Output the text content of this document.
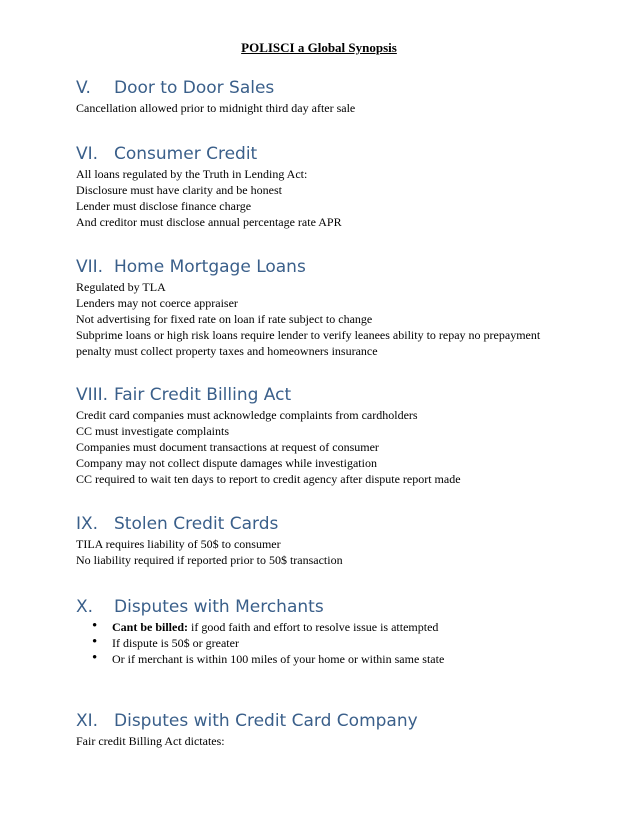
POLISCI a Global Synopsis
V. Door to Door Sales
Cancellation allowed prior to midnight third day after sale
VI. Consumer Credit
All loans regulated by the Truth in Lending Act:
Disclosure must have clarity and be honest
Lender must disclose finance charge
And creditor must disclose annual percentage rate APR
VII. Home Mortgage Loans
Regulated by TLA
Lenders may not coerce appraiser
Not advertising for fixed rate on loan if rate subject to change
Subprime loans or high risk loans require lender to verify leanees ability to repay no prepayment
penalty must collect property taxes and homeowners insurance
VIII. Fair Credit Billing Act
Credit card companies must acknowledge complaints from cardholders
CC must investigate complaints
Companies must document transactions at request of consumer
Company may not collect dispute damages while investigation
CC required to wait ten days to report to credit agency after dispute report made
IX. Stolen Credit Cards
TILA requires liability of 50$ to consumer
No liability required if reported prior to 50$ transaction
X. Disputes with Merchants
• Cant be billed: if good faith and effort to resolve issue is attempted
• If dispute is 50$ or greater
• Or if merchant is within 100 miles of your home or within same state
XI. Disputes with Credit Card Company
Fair credit Billing Act dictates:
